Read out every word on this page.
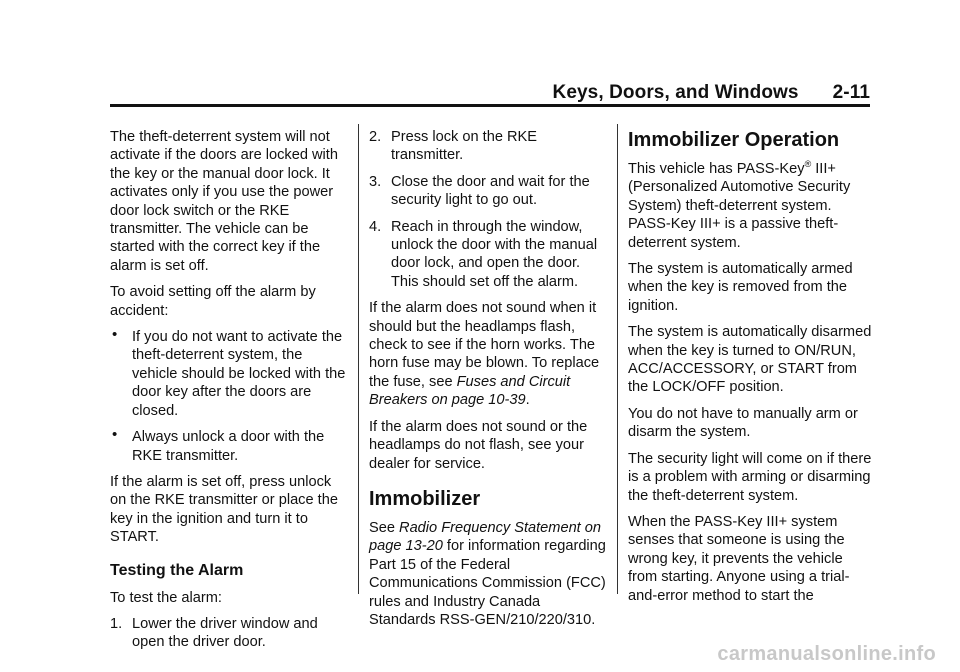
Keys, Doors, and Windows 2-11

The theft-deterrent system will not activate if the doors are locked with the key or the manual door lock. It activates only if you use the power door lock switch or the RKE transmitter. The vehicle can be started with the correct key if the alarm is set off.

To avoid setting off the alarm by accident:

• If you do not want to activate the theft-deterrent system, the vehicle should be locked with the door key after the doors are closed.
• Always unlock a door with the RKE transmitter.

If the alarm is set off, press unlock on the RKE transmitter or place the key in the ignition and turn it to START.

Testing the Alarm

To test the alarm:

1. Lower the driver window and open the driver door.
2. Press lock on the RKE transmitter.
3. Close the door and wait for the security light to go out.
4. Reach in through the window, unlock the door with the manual door lock, and open the door. This should set off the alarm.

If the alarm does not sound when it should but the headlamps flash, check to see if the horn works. The horn fuse may be blown. To replace the fuse, see Fuses and Circuit Breakers on page 10-39.

If the alarm does not sound or the headlamps do not flash, see your dealer for service.

Immobilizer

See Radio Frequency Statement on page 13-20 for information regarding Part 15 of the Federal Communications Commission (FCC) rules and Industry Canada Standards RSS-GEN/210/220/310.

Immobilizer Operation

This vehicle has PASS-Key® III+ (Personalized Automotive Security System) theft-deterrent system. PASS-Key III+ is a passive theft-deterrent system.

The system is automatically armed when the key is removed from the ignition.

The system is automatically disarmed when the key is turned to ON/RUN, ACC/ACCESSORY, or START from the LOCK/OFF position.

You do not have to manually arm or disarm the system.

The security light will come on if there is a problem with arming or disarming the theft-deterrent system.

When the PASS-Key III+ system senses that someone is using the wrong key, it prevents the vehicle from starting. Anyone using a trial-and-error method to start the

carmanualsonline.info
